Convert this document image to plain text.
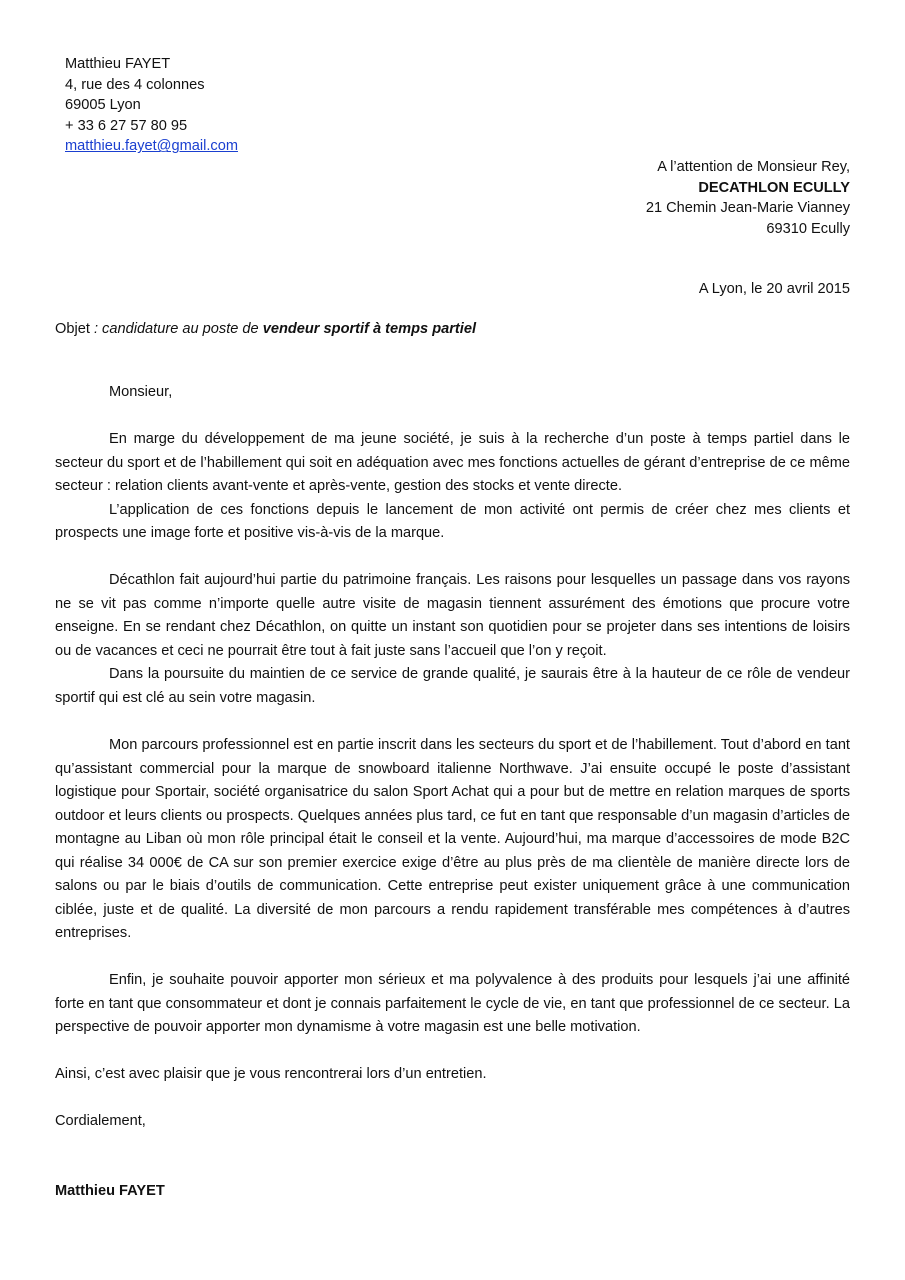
Matthieu FAYET
4, rue des 4 colonnes
69005 Lyon
+ 33 6 27 57 80 95
matthieu.fayet@gmail.com
A l’attention de Monsieur Rey,
DECATHLON ECULLY
21 Chemin Jean-Marie Vianney
69310 Ecully
A Lyon, le 20 avril 2015
Objet : candidature au poste de vendeur sportif à temps partiel
Monsieur,

En marge du développement de ma jeune société, je suis à la recherche d’un poste à temps partiel dans le secteur du sport et de l’habillement qui soit en adéquation avec mes fonctions actuelles de gérant d’entreprise de ce même secteur : relation clients avant-vente et après-vente, gestion des stocks et vente directe.

L’application de ces fonctions depuis le lancement de mon activité ont permis de créer chez mes clients et prospects une image forte et positive vis-à-vis de la marque.

Décathlon fait aujourd’hui partie du patrimoine français. Les raisons pour lesquelles un passage dans vos rayons ne se vit pas comme n’importe quelle autre visite de magasin tiennent assurément des émotions que procure votre enseigne. En se rendant chez Décathlon, on quitte un instant son quotidien pour se projeter dans ses intentions de loisirs ou de vacances et ceci ne pourrait être tout à fait juste sans l’accueil que l’on y reçoit.

Dans la poursuite du maintien de ce service de grande qualité, je saurais être à la hauteur de ce rôle de vendeur sportif qui est clé au sein votre magasin.

Mon parcours professionnel est en partie inscrit dans les secteurs du sport et de l’habillement. Tout d’abord en tant qu’assistant commercial pour la marque de snowboard italienne Northwave. J’ai ensuite occupé le poste d’assistant logistique pour Sportair, société organisatrice du salon Sport Achat qui a pour but de mettre en relation marques de sports outdoor et leurs clients ou prospects. Quelques années plus tard, ce fut en tant que responsable d’un magasin d’articles de montagne au Liban où mon rôle principal était le conseil et la vente. Aujourd’hui, ma marque d’accessoires de mode B2C qui réalise 34 000€ de CA sur son premier exercice exige d’être au plus près de ma clientèle de manière directe lors de salons ou par le biais d’outils de communication. Cette entreprise peut exister uniquement grâce à une communication ciblée, juste et de qualité. La diversité de mon parcours a rendu rapidement transférable mes compétences à d’autres entreprises.

Enfin, je souhaite pouvoir apporter mon sérieux et ma polyvalence à des produits pour lesquels j’ai une affinité forte en tant que consommateur et dont je connais parfaitement le cycle de vie, en tant que professionnel de ce secteur. La perspective de pouvoir apporter mon dynamisme à votre magasin est une belle motivation.

Ainsi, c’est avec plaisir que je vous rencontrerai lors d’un entretien.
Cordialement,
Matthieu FAYET
